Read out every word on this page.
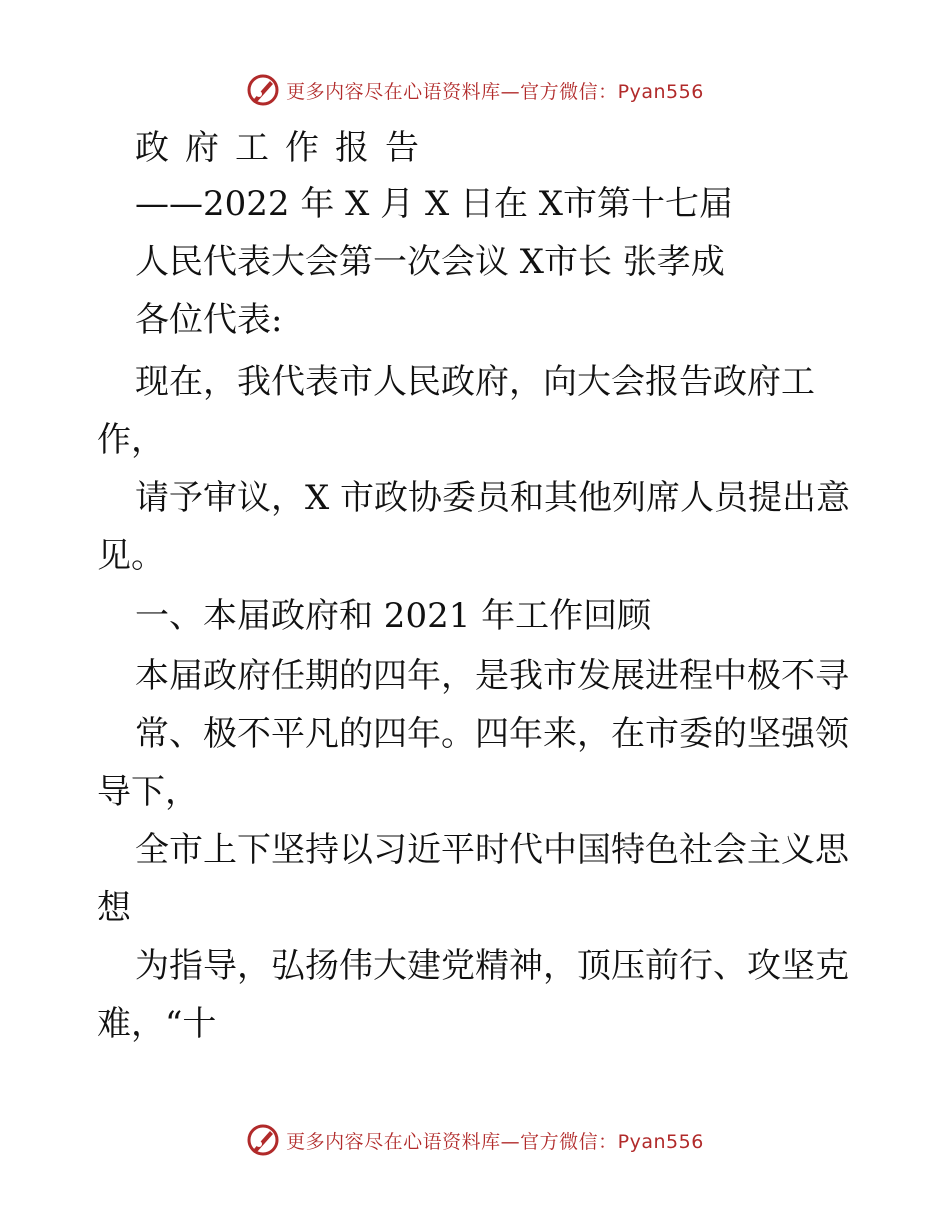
更多内容尽在心语资料库—官方微信：Pyan556
政府工作报告
——2022 年 X 月 X 日在 X市第十七届
人民代表大会第一次会议 X市长 张孝成
各位代表:
现在，我代表市人民政府，向大会报告政府工
作，
请予审议，X 市政协委员和其他列席人员提出意
见。
一、本届政府和 2021 年工作回顾
本届政府任期的四年，是我市发展进程中极不寻
常、极不平凡的四年。四年来，在市委的坚强领
导下，
全市上下坚持以习近平时代中国特色社会主义思
想
为指导，弘扬伟大建党精神，顶压前行、攻坚克
难，“十
更多内容尽在心语资料库—官方微信：Pyan556
